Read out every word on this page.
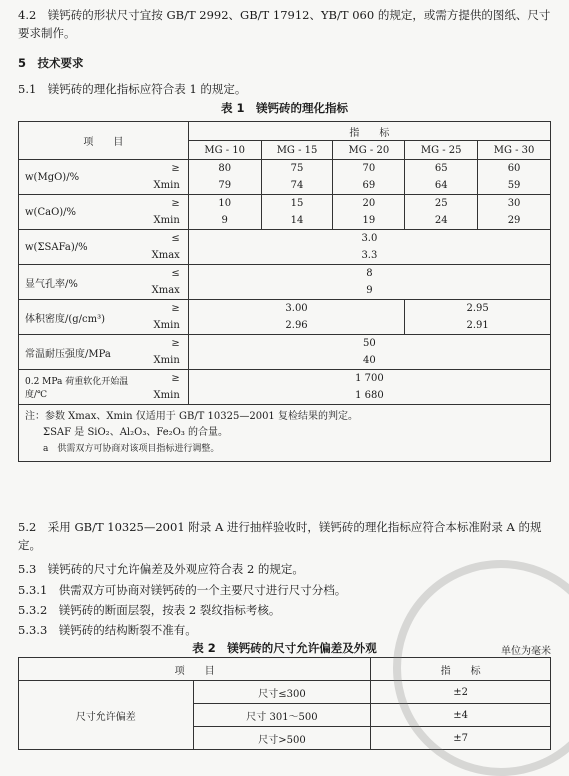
4.2　镁钙砖的形状尺寸宜按 GB/T 2992、GB/T 17912、YB/T 060 的规定，或需方提供的图纸、尺寸要求制作。
5　技术要求
5.1　镁钙砖的理化指标应符合表 1 的规定。
表 1　镁钙砖的理化指标
项　　目		指　　标				
		MG - 10	MG - 15	MG - 20	MG - 25	MG - 30
w(MgO)/%	≥	80	75	70	65	60
	Xmin	79	74	69	64	59
w(CaO)/%	≥	10	15	20	25	30
	Xmin	9	14	19	24	29
w(ΣSAFa)/%	≤	3.0				
	Xmax	3.3				
显气孔率/%	≤	8				
	Xmax	9				
体积密度/(g/cm³)	≥	3.00			2.95	
	Xmin	2.96			2.91	
常温耐压强度/MPa	≥	50				
	Xmin	40				
0.2 MPa 荷重软化开始温度/℃	≥	1 700				
	Xmin	1 680				

注：参数 Xmax、Xmin 仅适用于 GB/T 10325—2001 复检结果的判定。
ΣSAF 是 SiO₂、Al₂O₃、Fe₂O₃ 的合量。
a　供需双方可协商对该项目指标进行调整。						
5.2　采用 GB/T 10325—2001 附录 A 进行抽样验收时，镁钙砖的理化指标应符合本标准附录 A 的规定。
5.3　镁钙砖的尺寸允许偏差及外观应符合表 2 的规定。
5.3.1　供需双方可协商对镁钙砖的一个主要尺寸进行尺寸分档。
5.3.2　镁钙砖的断面层裂，按表 2 裂纹指标考核。
5.3.3　镁钙砖的结构断裂不准有。
表 2　镁钙砖的尺寸允许偏差及外观	单位为毫米
项　　目		指　　标
尺寸允许偏差	尺寸≤300	±2
	尺寸 301～500	±4
	尺寸>500	±7
